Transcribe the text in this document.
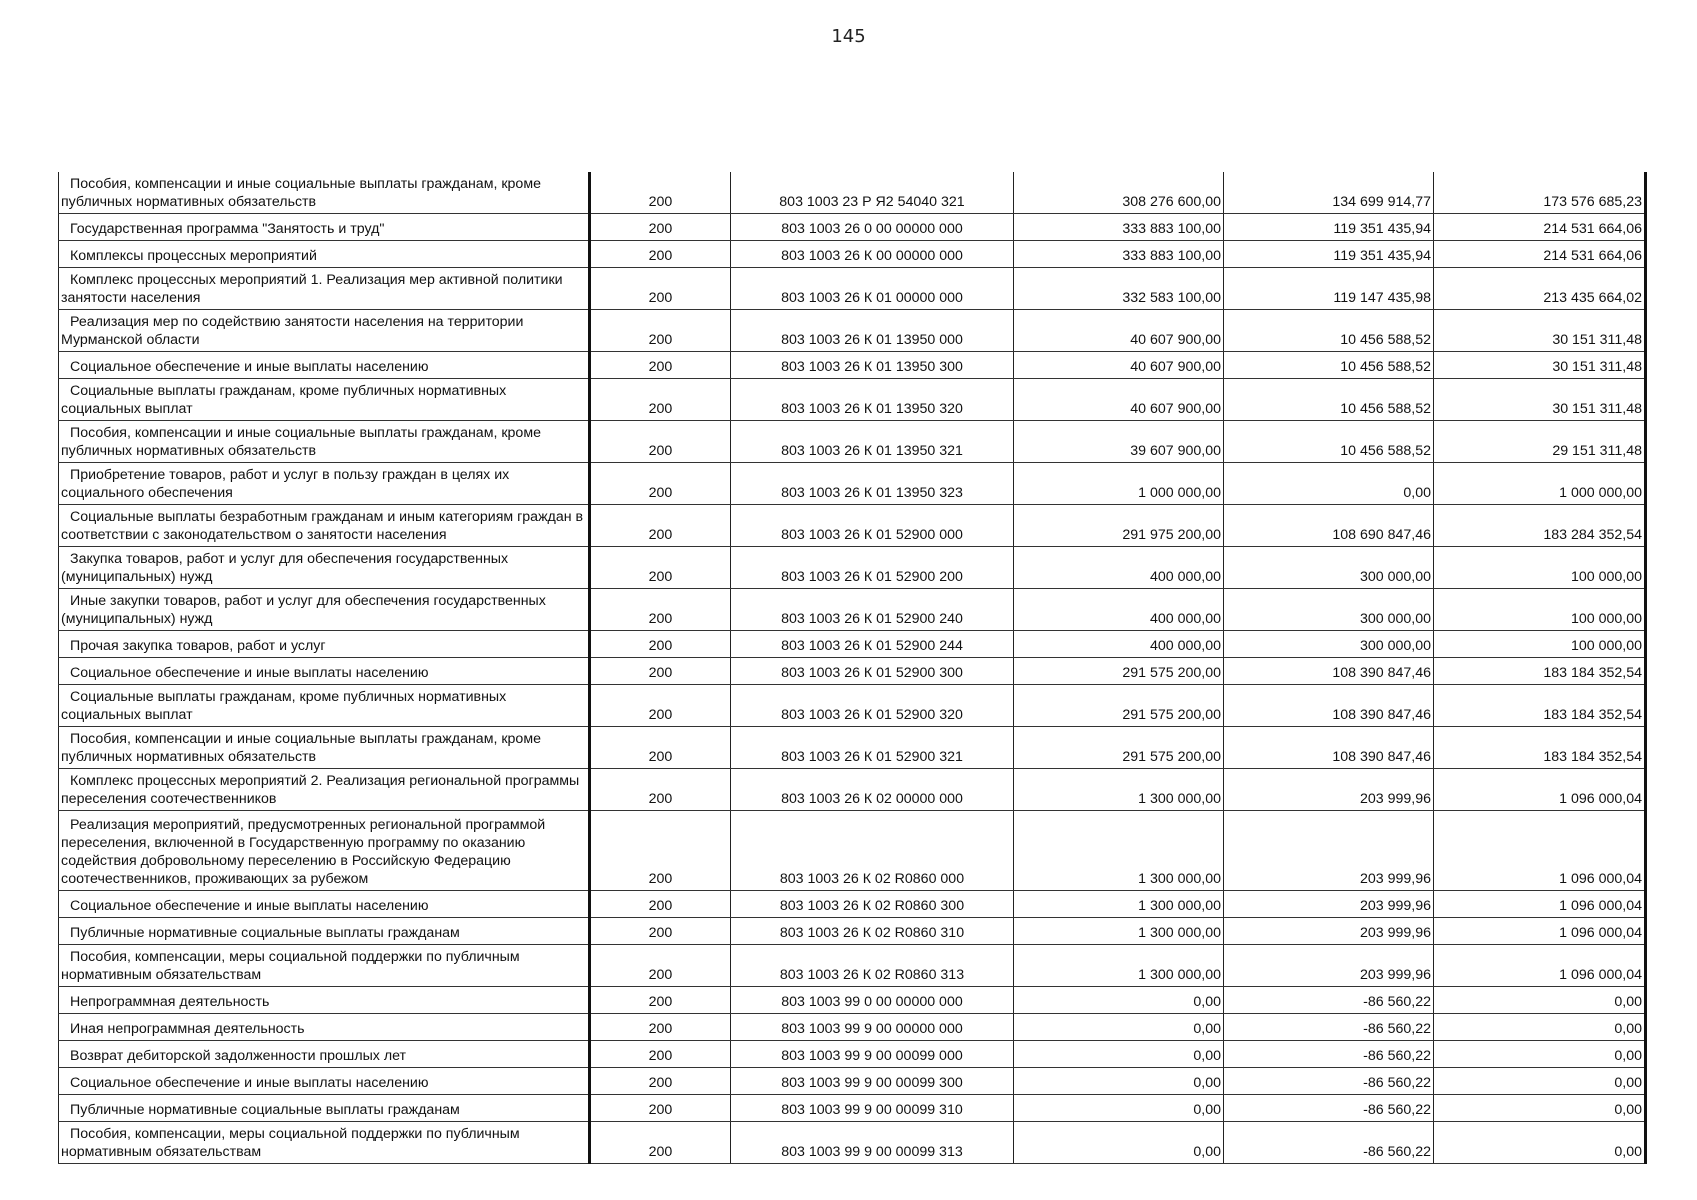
145
Пособия, компенсации и иные социальные выплаты гражданам, кроме публичных нормативных обязательств	200	803 1003 23 Р Я2 54040 321	308 276 600,00	134 699 914,77	173 576 685,23
Государственная программа "Занятость и труд"	200	803 1003 26 0 00 00000 000	333 883 100,00	119 351 435,94	214 531 664,06
Комплексы процессных мероприятий	200	803 1003 26 К 00 00000 000	333 883 100,00	119 351 435,94	214 531 664,06
Комплекс процессных мероприятий 1. Реализация мер активной политики занятости населения	200	803 1003 26 К 01 00000 000	332 583 100,00	119 147 435,98	213 435 664,02
Реализация мер по содействию занятости населения на территории Мурманской области	200	803 1003 26 К 01 13950 000	40 607 900,00	10 456 588,52	30 151 311,48
Социальное обеспечение и иные выплаты населению	200	803 1003 26 К 01 13950 300	40 607 900,00	10 456 588,52	30 151 311,48
Социальные выплаты гражданам, кроме публичных нормативных социальных выплат	200	803 1003 26 К 01 13950 320	40 607 900,00	10 456 588,52	30 151 311,48
Пособия, компенсации и иные социальные выплаты гражданам, кроме публичных нормативных обязательств	200	803 1003 26 К 01 13950 321	39 607 900,00	10 456 588,52	29 151 311,48
Приобретение товаров, работ и услуг в пользу граждан в целях их социального обеспечения	200	803 1003 26 К 01 13950 323	1 000 000,00	0,00	1 000 000,00
Социальные выплаты безработным гражданам и иным категориям граждан в соответствии с законодательством о занятости населения	200	803 1003 26 К 01 52900 000	291 975 200,00	108 690 847,46	183 284 352,54
Закупка товаров, работ и услуг для обеспечения государственных (муниципальных) нужд	200	803 1003 26 К 01 52900 200	400 000,00	300 000,00	100 000,00
Иные закупки товаров, работ и услуг для обеспечения государственных (муниципальных) нужд	200	803 1003 26 К 01 52900 240	400 000,00	300 000,00	100 000,00
Прочая закупка товаров, работ и услуг	200	803 1003 26 К 01 52900 244	400 000,00	300 000,00	100 000,00
Социальное обеспечение и иные выплаты населению	200	803 1003 26 К 01 52900 300	291 575 200,00	108 390 847,46	183 184 352,54
Социальные выплаты гражданам, кроме публичных нормативных социальных выплат	200	803 1003 26 К 01 52900 320	291 575 200,00	108 390 847,46	183 184 352,54
Пособия, компенсации и иные социальные выплаты гражданам, кроме публичных нормативных обязательств	200	803 1003 26 К 01 52900 321	291 575 200,00	108 390 847,46	183 184 352,54
Комплекс процессных мероприятий 2. Реализация региональной программы переселения соотечественников	200	803 1003 26 К 02 00000 000	1 300 000,00	203 999,96	1 096 000,04
Реализация мероприятий, предусмотренных региональной программой переселения, включенной в Государственную программу по оказанию содействия добровольному переселению в Российскую Федерацию соотечественников, проживающих за рубежом	200	803 1003 26 К 02 R0860 000	1 300 000,00	203 999,96	1 096 000,04
Социальное обеспечение и иные выплаты населению	200	803 1003 26 К 02 R0860 300	1 300 000,00	203 999,96	1 096 000,04
Публичные нормативные социальные выплаты гражданам	200	803 1003 26 К 02 R0860 310	1 300 000,00	203 999,96	1 096 000,04
Пособия, компенсации, меры социальной поддержки по публичным нормативным обязательствам	200	803 1003 26 К 02 R0860 313	1 300 000,00	203 999,96	1 096 000,04
Непрограммная деятельность	200	803 1003 99 0 00 00000 000	0,00	-86 560,22	0,00
Иная непрограммная деятельность	200	803 1003 99 9 00 00000 000	0,00	-86 560,22	0,00
Возврат дебиторской задолженности прошлых лет	200	803 1003 99 9 00 00099 000	0,00	-86 560,22	0,00
Социальное обеспечение и иные выплаты населению	200	803 1003 99 9 00 00099 300	0,00	-86 560,22	0,00
Публичные нормативные социальные выплаты гражданам	200	803 1003 99 9 00 00099 310	0,00	-86 560,22	0,00
Пособия, компенсации, меры социальной поддержки по публичным нормативным обязательствам	200	803 1003 99 9 00 00099 313	0,00	-86 560,22	0,00
